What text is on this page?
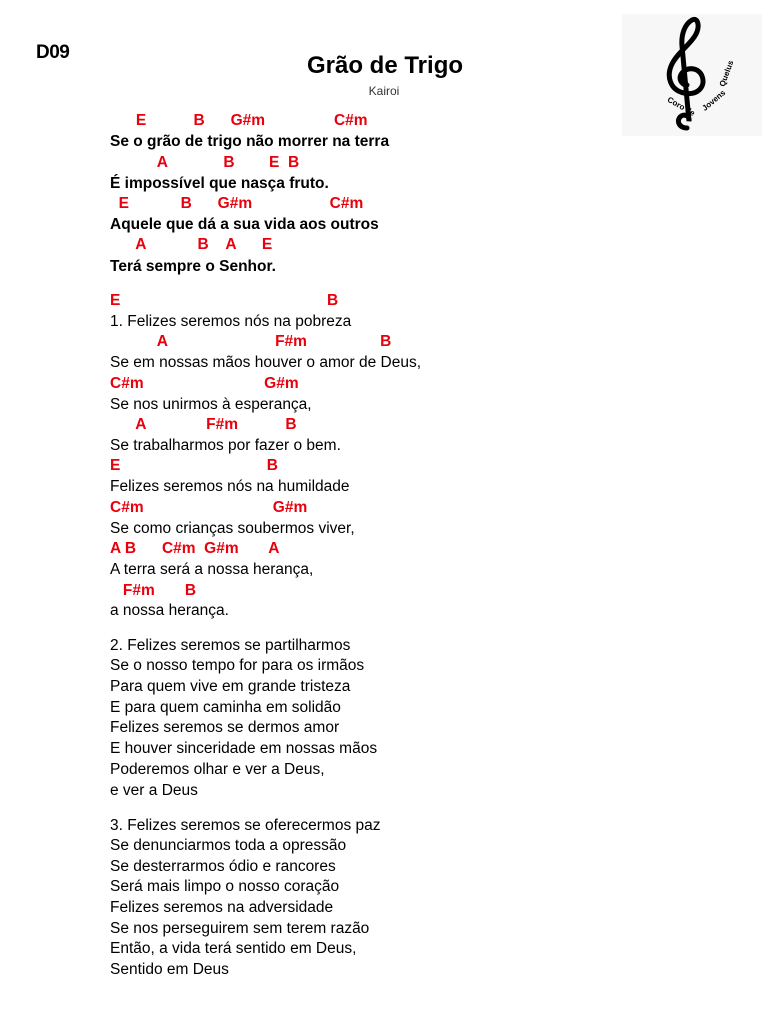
D09	Grão de Trigo
Kairoi
Quelus
Coro de Jovens
E           B      G#m                C#m
Se o grão de trigo não morrer na terra
A             B        E  B
É impossível que nasça fruto.
E            B      G#m                  C#m
Aquele que dá a sua vida aos outros
A            B    A      E
Terá sempre o Senhor.
E                                                B
1. Felizes seremos nós na pobreza
A                         F#m                 B
Se em nossas mãos houver o amor de Deus,
C#m                            G#m
Se nos unirmos à esperança,
A              F#m           B
Se trabalharmos por fazer o bem.
E                                  B
Felizes seremos nós na humildade
C#m                              G#m
Se como crianças soubermos viver,
A B      C#m  G#m       A
A terra será a nossa herança,
F#m       B
a nossa herança.
2. Felizes seremos se partilharmos
Se o nosso tempo for para os irmãos
Para quem vive em grande tristeza
E para quem caminha em solidão
Felizes seremos se dermos amor
E houver sinceridade em nossas mãos
Poderemos olhar e ver a Deus,
e ver a Deus
3. Felizes seremos se oferecermos paz
Se denunciarmos toda a opressão
Se desterrarmos ódio e rancores
Será mais limpo o nosso coração
Felizes seremos na adversidade
Se nos perseguirem sem terem razão
Então, a vida terá sentido em Deus,
Sentido em Deus
